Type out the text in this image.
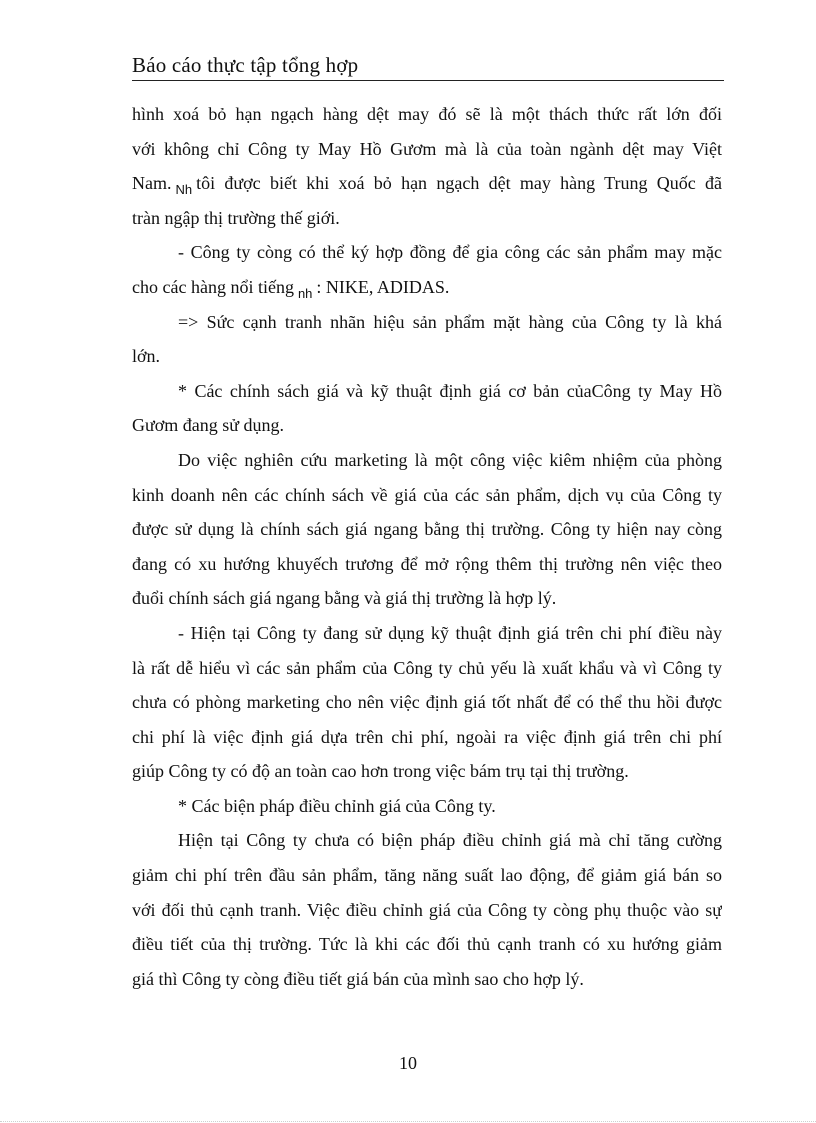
Báo cáo thực tập tổng hợp
hình xoá bỏ hạn ngạch hàng dệt may đó sẽ là một thách thức rất lớn đối
với không chỉ Công ty May Hồ Gươm mà là của toàn ngành dệt may Việt
Nam. $_{Nh}$ tôi được biết khi xoá bỏ hạn ngạch dệt may hàng Trung Quốc đã
tràn ngập thị trường thế giới.
- Công ty còng có thể ký hợp đồng để gia công các sản phẩm may mặc
cho các hàng nổi tiếng $_{nh}$ : NIKE, ADIDAS.
=> Sức cạnh tranh nhãn hiệu sản phẩm mặt hàng của Công ty là khá
lớn.
* Các chính sách giá và kỹ thuật định giá cơ bản củaCông ty May Hồ
Gươm đang sử dụng.
Do việc nghiên cứu marketing là một công việc kiêm nhiệm của phòng
kinh doanh nên các chính sách về giá của các sản phẩm, dịch vụ của Công ty
được sử dụng là chính sách giá ngang bằng thị trường. Công ty hiện nay còng
đang có xu hướng khuyếch trương để mở rộng thêm thị trường nên việc theo
đuổi chính sách giá ngang bằng và giá thị trường là hợp lý.
- Hiện tại Công ty đang sử dụng kỹ thuật định giá trên chi phí điều này
là rất dễ hiểu vì các sản phẩm của Công ty chủ yếu là xuất khẩu và vì Công ty
chưa có phòng marketing cho nên việc định giá tốt nhất để có thể thu hồi được
chi phí là việc định giá dựa trên chi phí, ngoài ra việc định giá trên chi phí
giúp Công ty có độ an toàn cao hơn trong việc bám trụ tại thị trường.
* Các biện pháp điều chỉnh giá của Công ty.
Hiện tại Công ty chưa có biện pháp điều chỉnh giá mà chỉ tăng cường
giảm chi phí trên đầu sản phẩm, tăng năng suất lao động, để giảm giá bán so
với đối thủ cạnh tranh. Việc điều chỉnh giá của Công ty còng phụ thuộc vào sự
điều tiết của thị trường. Tức là khi các đối thủ cạnh tranh có xu hướng giảm
giá thì Công ty còng điều tiết giá bán của mình sao cho hợp lý.
10
